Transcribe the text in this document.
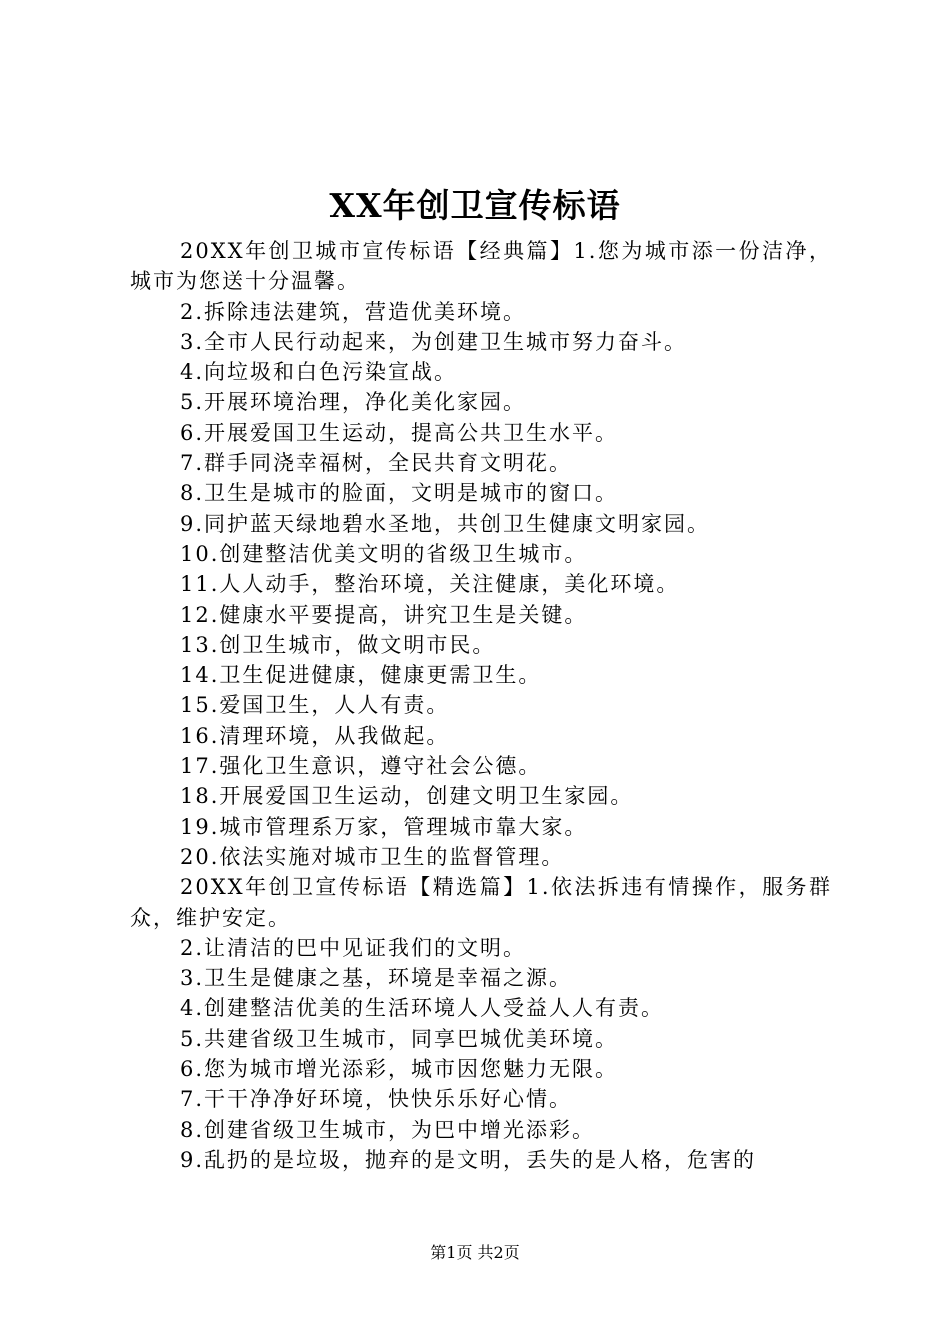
XX年创卫宣传标语

20XX年创卫城市宣传标语【经典篇】1.您为城市添一份洁净，城市为您送十分温馨。

2.拆除违法建筑，营造优美环境。

3.全市人民行动起来，为创建卫生城市努力奋斗。

4.向垃圾和白色污染宣战。

5.开展环境治理，净化美化家园。

6.开展爱国卫生运动，提高公共卫生水平。

7.群手同浇幸福树，全民共育文明花。

8.卫生是城市的脸面，文明是城市的窗口。

9.同护蓝天绿地碧水圣地，共创卫生健康文明家园。

10.创建整洁优美文明的省级卫生城市。

11.人人动手，整治环境，关注健康，美化环境。

12.健康水平要提高，讲究卫生是关键。

13.创卫生城市，做文明市民。

14.卫生促进健康，健康更需卫生。

15.爱国卫生，人人有责。

16.清理环境，从我做起。

17.强化卫生意识，遵守社会公德。

18.开展爱国卫生运动，创建文明卫生家园。

19.城市管理系万家，管理城市靠大家。

20.依法实施对城市卫生的监督管理。

20XX年创卫宣传标语【精选篇】1.依法拆违有情操作，服务群众，维护安定。

2.让清洁的巴中见证我们的文明。

3.卫生是健康之基，环境是幸福之源。

4.创建整洁优美的生活环境人人受益人人有责。

5.共建省级卫生城市，同享巴城优美环境。

6.您为城市增光添彩，城市因您魅力无限。

7.干干净净好环境，快快乐乐好心情。

8.创建省级卫生城市，为巴中增光添彩。

9.乱扔的是垃圾，抛弃的是文明，丢失的是人格，危害的

第1页 共2页
